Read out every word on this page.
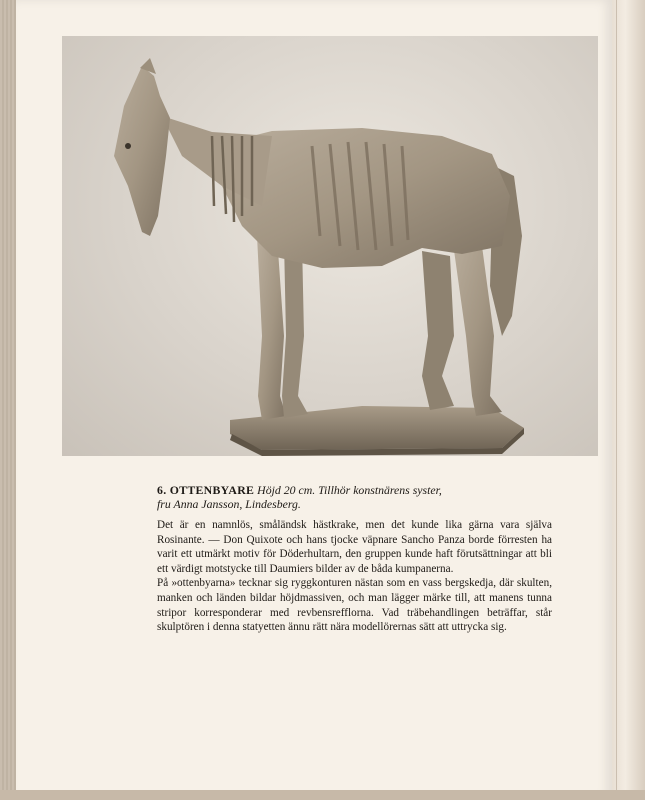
6. OTTENBYARE Höjd 20 cm. Tillhör konstnärens syster,
fru Anna Jansson, Lindesberg.

Det är en namnlös, småländsk hästkrake, men det kunde lika gärna vara själva Rosinante. — Don Quixote och hans tjocke väpnare Sancho Panza borde förresten ha varit ett utmärkt motiv för Döderhultarn, den gruppen kunde haft förutsättningar att bli ett värdigt motstycke till Daumiers bilder av de båda kumpanerna.

På »ottenbyarna» tecknar sig ryggkonturen nästan som en vass bergskedja, där skulten, manken och länden bildar höjdmassiven, och man lägger märke till, att manens tunna stripor korresponderar med revbensrefflorna. Vad träbehandlingen beträffar, står skulptören i denna statyetten ännu rätt nära modellörernas sätt att uttrycka sig.
